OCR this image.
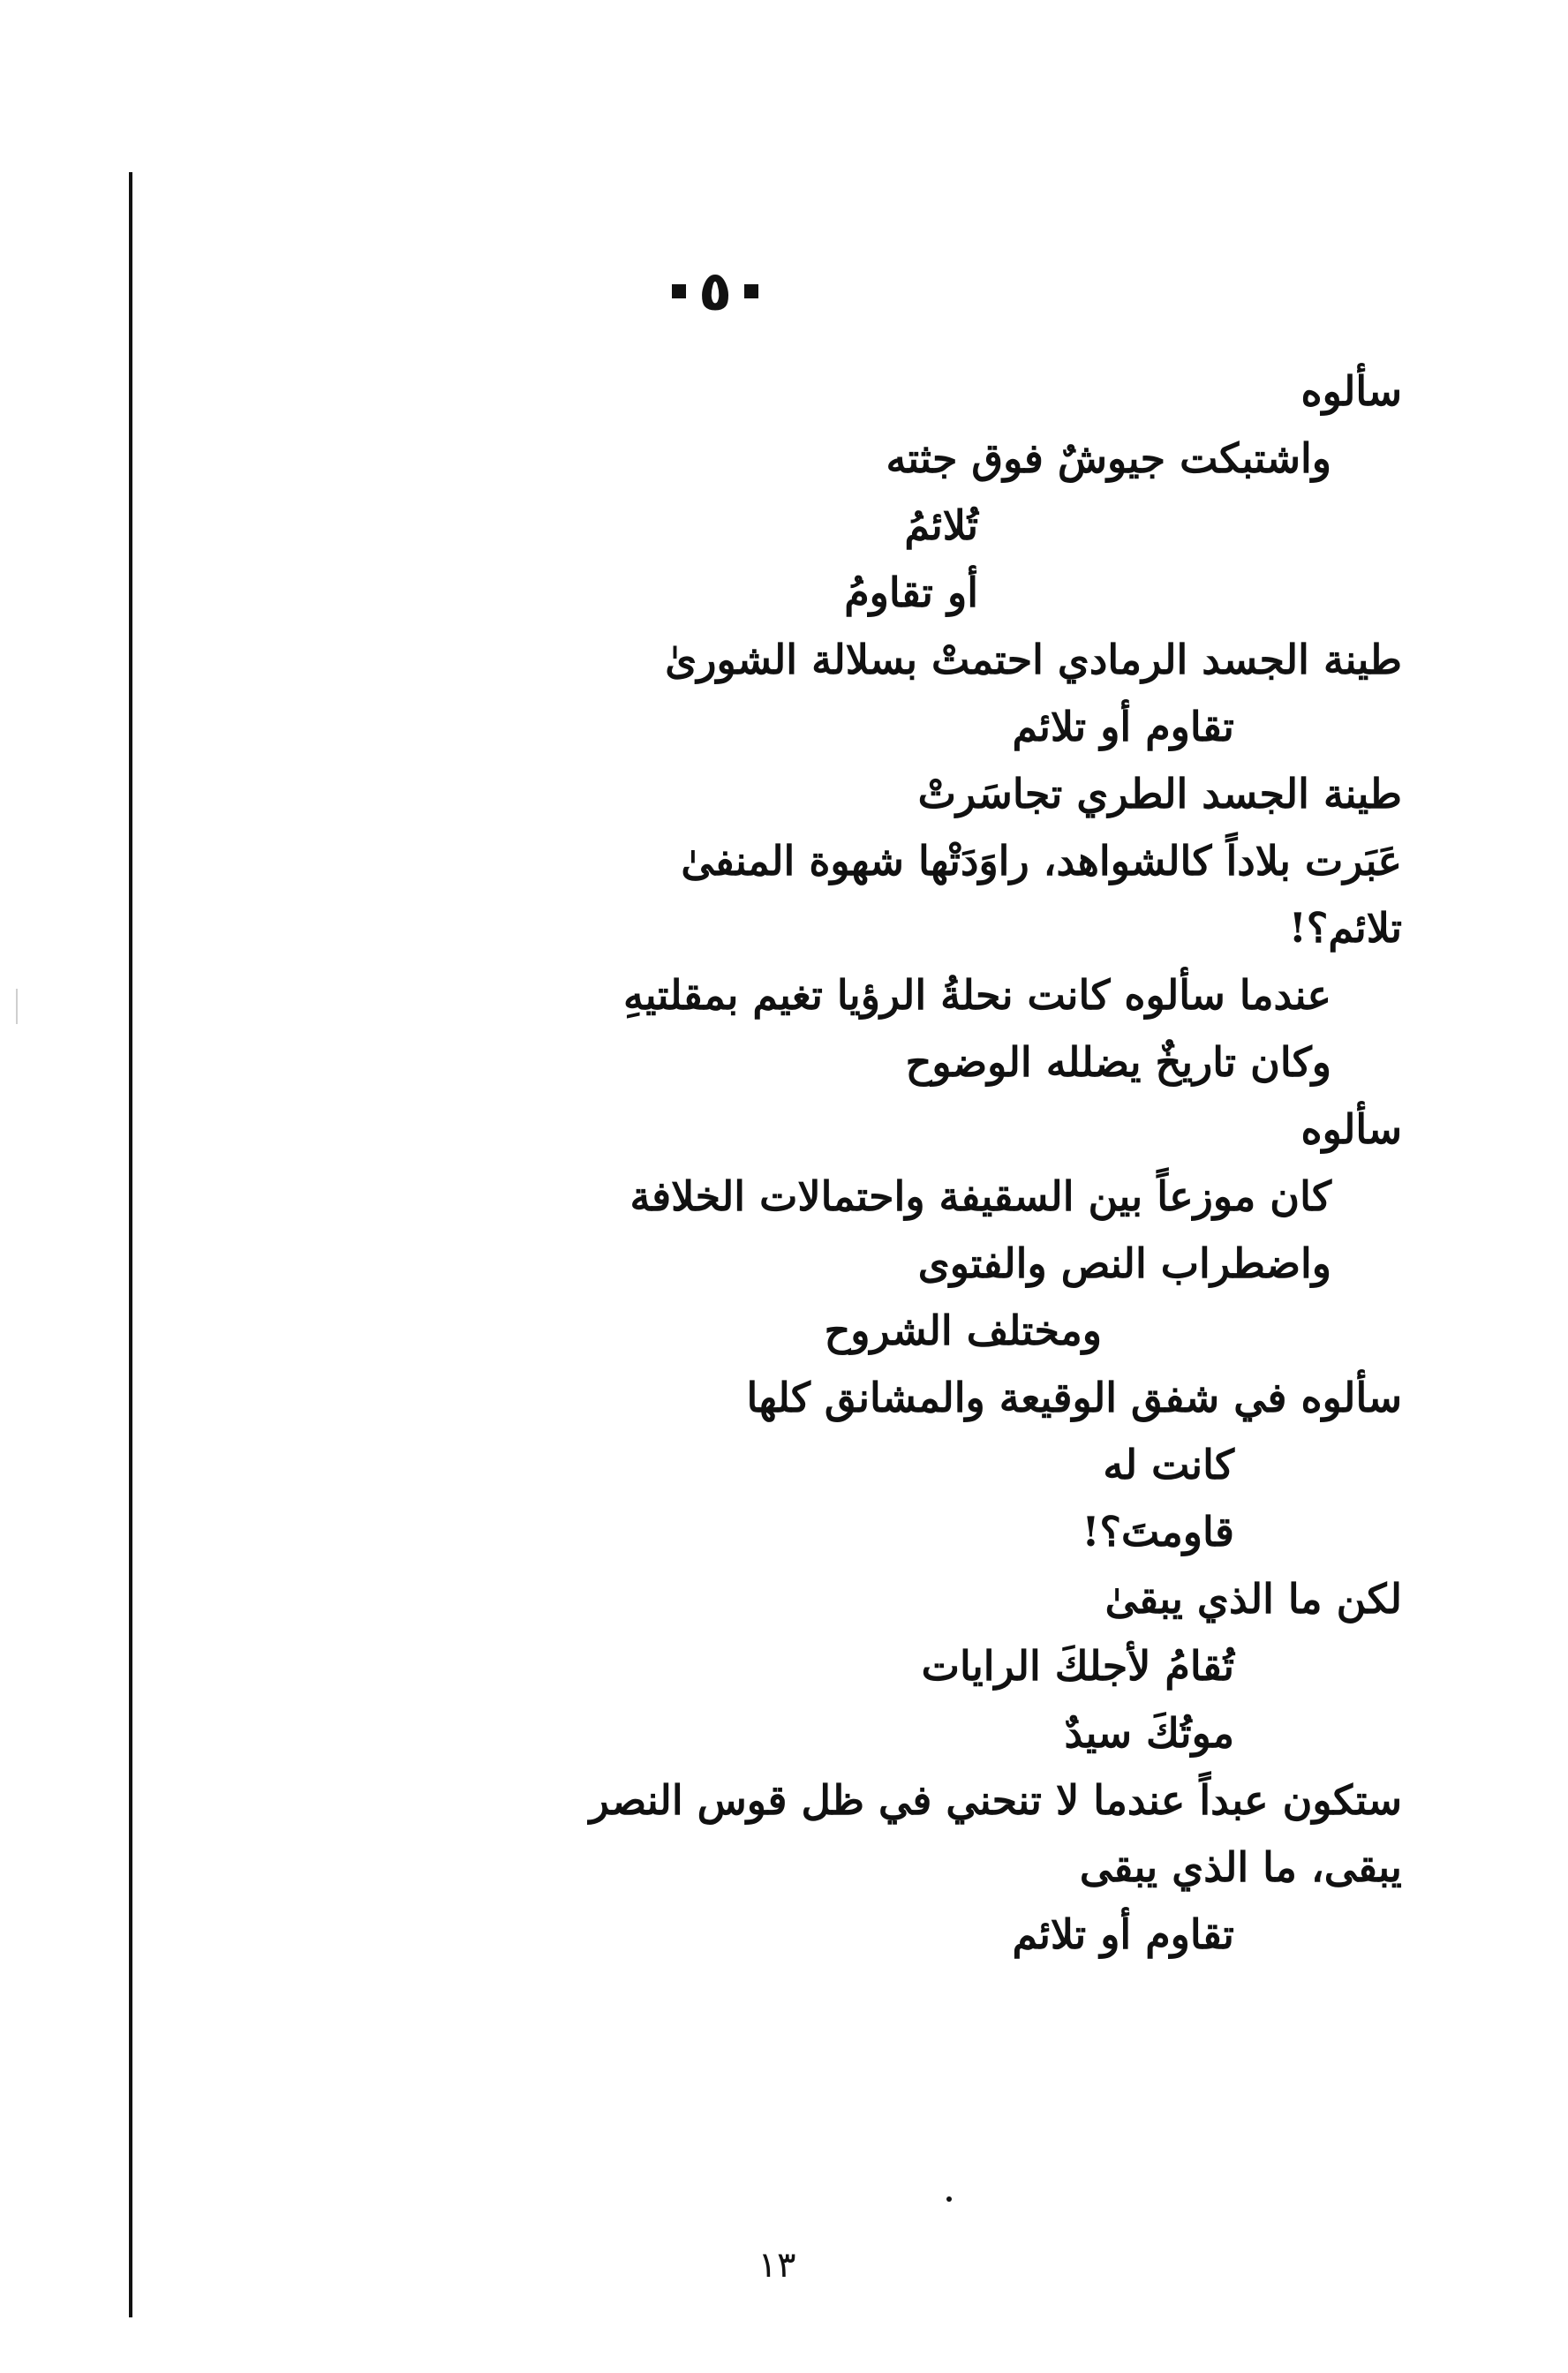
٥
سألوه
واشتبكت جيوشٌ فوق جثته
تُلائمُ
أو تقاومُ
طينة الجسد الرمادي احتمتْ بسلالة الشورىٰ
تقاوم أو تلائم
طينة الجسد الطري تجاسَرتْ
عَبَرت بلاداً كالشواهد، راوَدَتْها شهوة المنفىٰ
تلائم؟!
عندما سألوه كانت نحلةُ الرؤيا تغيم بمقلتيهِ
وكان تاريخٌ يضلله الوضوح
سألوه
كان موزعاً بين السقيفة واحتمالات الخلافة
واضطراب النص والفتوى
ومختلف الشروح
سألوه في شفق الوقيعة والمشانق كلها
كانت له
قاومتَ؟!
لكن ما الذي يبقىٰ
تُقامُ لأجلكَ الرايات
موتُكَ سيدٌ
ستكون عبداً عندما لا تنحني في ظل قوس النصر
يبقى، ما الذي يبقى
تقاوم أو تلائم
١٣
